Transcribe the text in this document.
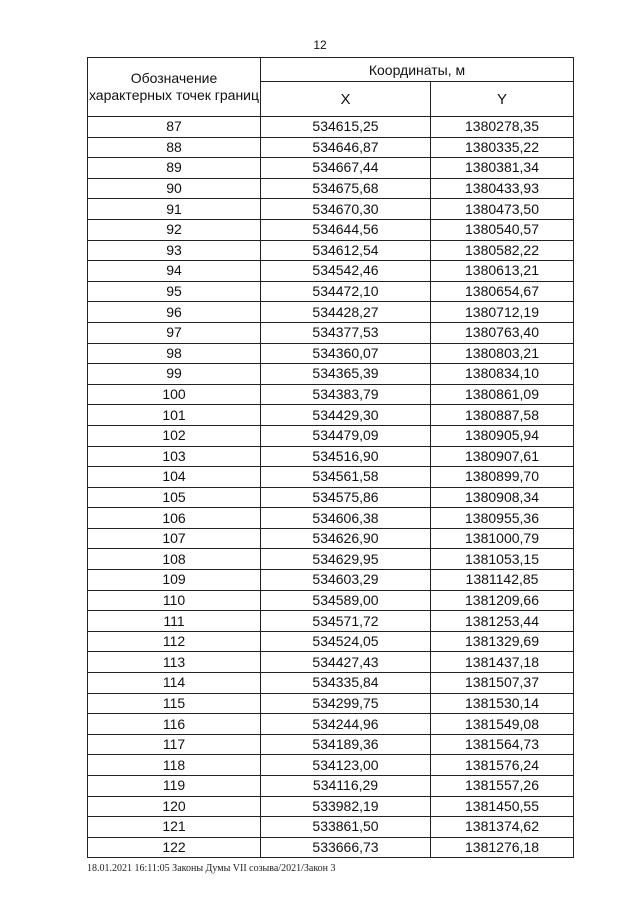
12
Обозначение характерных точек границ	Координаты, м	
	X	Y
87	534615,25	1380278,35
88	534646,87	1380335,22
89	534667,44	1380381,34
90	534675,68	1380433,93
91	534670,30	1380473,50
92	534644,56	1380540,57
93	534612,54	1380582,22
94	534542,46	1380613,21
95	534472,10	1380654,67
96	534428,27	1380712,19
97	534377,53	1380763,40
98	534360,07	1380803,21
99	534365,39	1380834,10
100	534383,79	1380861,09
101	534429,30	1380887,58
102	534479,09	1380905,94
103	534516,90	1380907,61
104	534561,58	1380899,70
105	534575,86	1380908,34
106	534606,38	1380955,36
107	534626,90	1381000,79
108	534629,95	1381053,15
109	534603,29	1381142,85
110	534589,00	1381209,66
111	534571,72	1381253,44
112	534524,05	1381329,69
113	534427,43	1381437,18
114	534335,84	1381507,37
115	534299,75	1381530,14
116	534244,96	1381549,08
117	534189,36	1381564,73
118	534123,00	1381576,24
119	534116,29	1381557,26
120	533982,19	1381450,55
121	533861,50	1381374,62
122	533666,73	1381276,18
18.01.2021 16:11:05 Законы Думы VII созыва/2021/Закон 3
